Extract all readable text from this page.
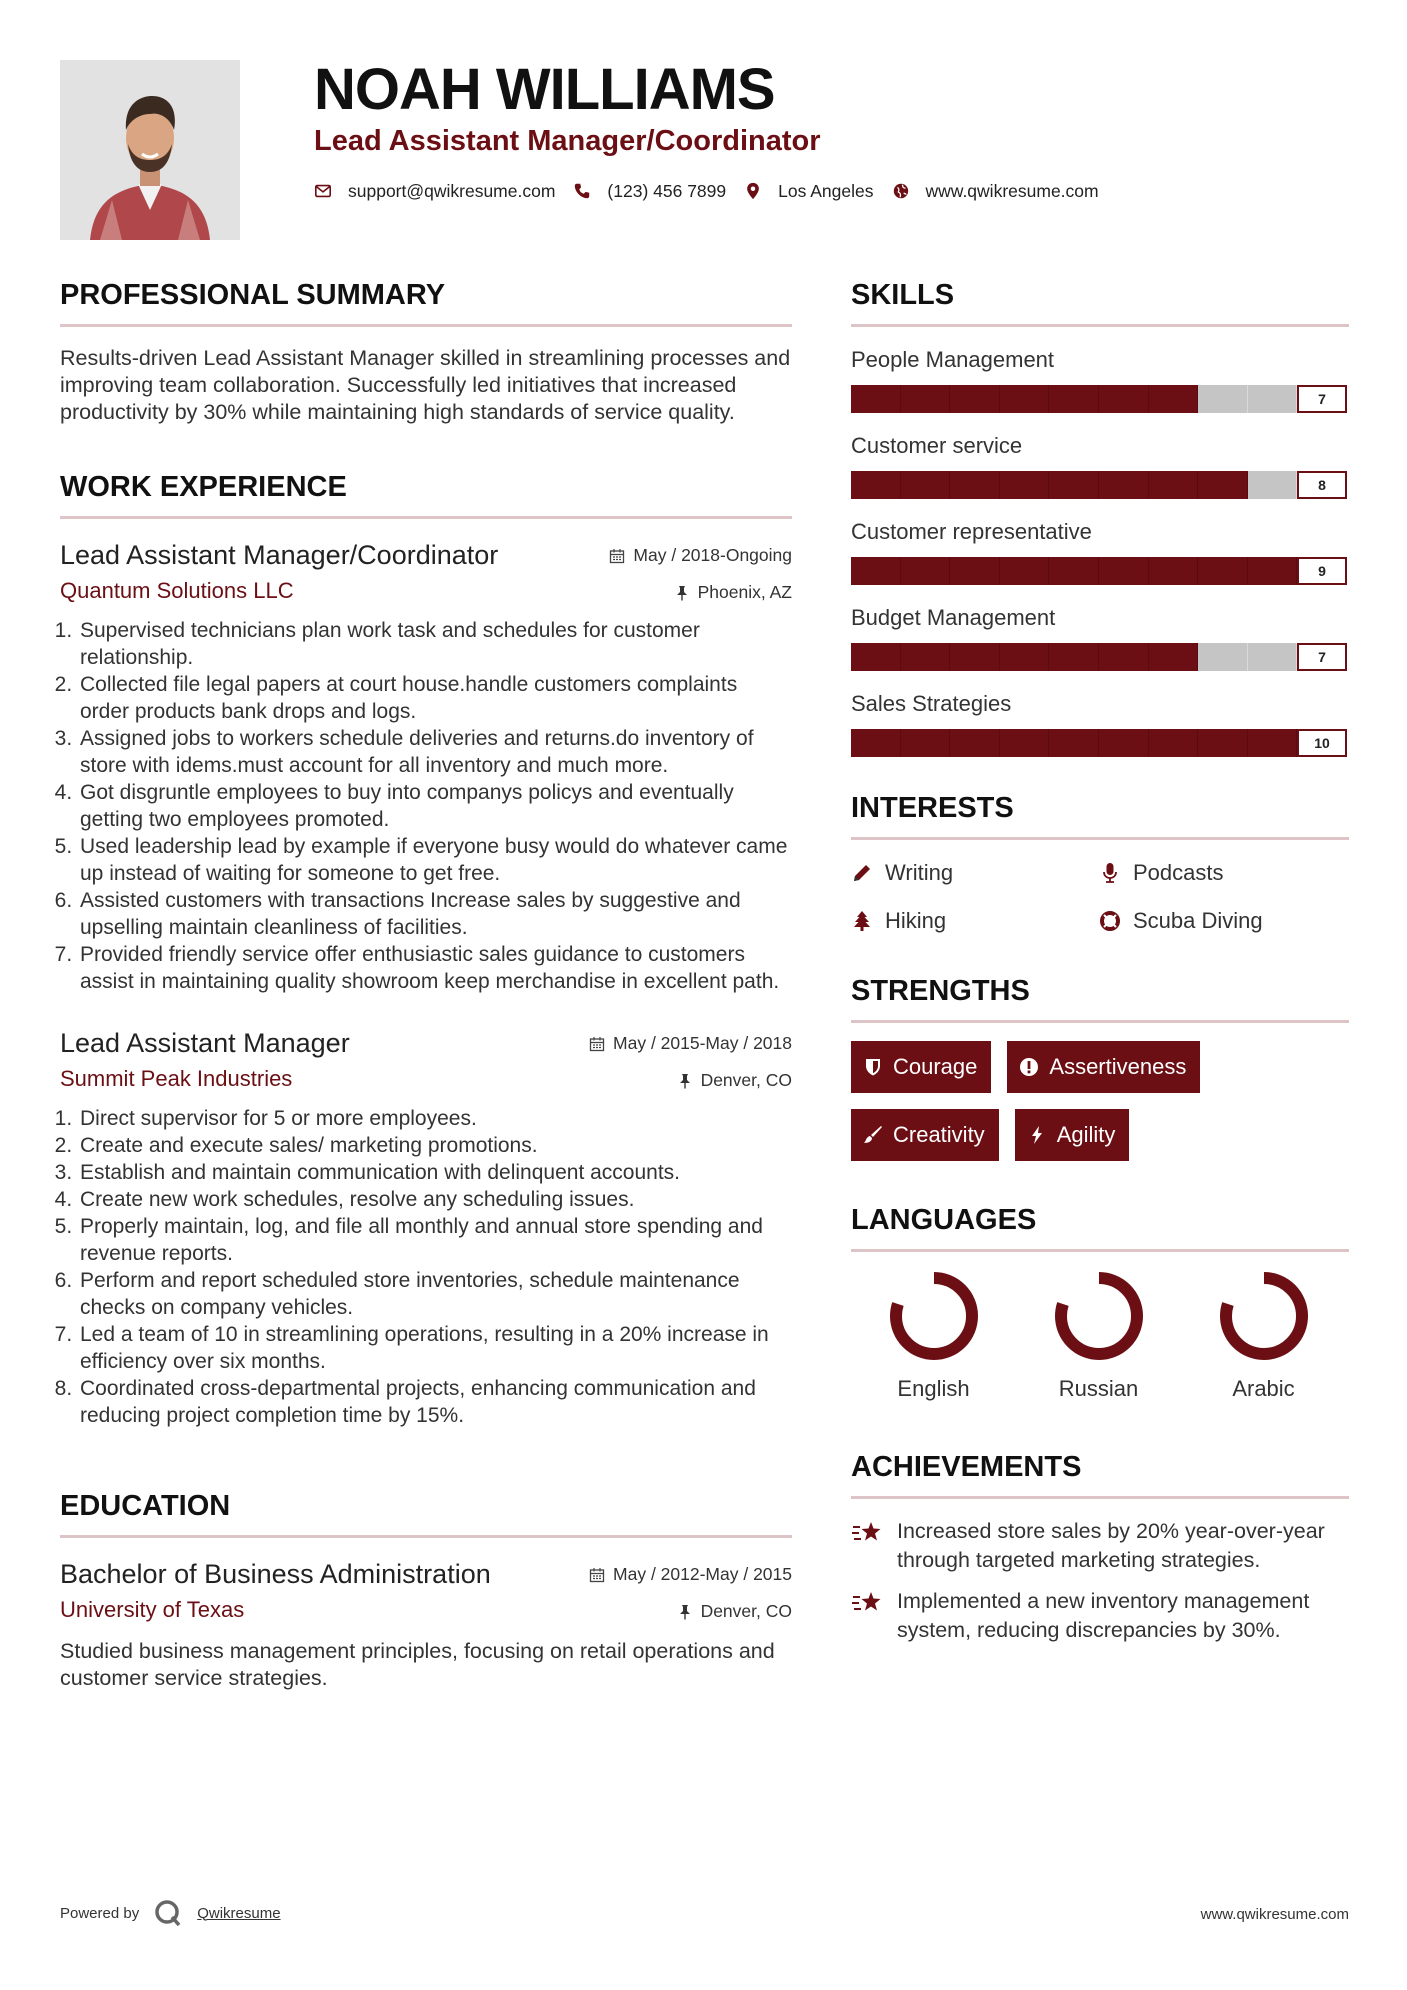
NOAH WILLIAMS
Lead Assistant Manager/Coordinator
support@qwikresume.com	(123) 456 7899	Los Angeles	www.qwikresume.com
PROFESSIONAL SUMMARY

Results-driven Lead Assistant Manager skilled in streamlining processes and improving team collaboration. Successfully led initiatives that increased productivity by 30% while maintaining high standards of service quality.

WORK EXPERIENCE

Lead Assistant Manager/Coordinator	May / 2018-Ongoing

Quantum Solutions LLC	Phoenix, AZ
1. Supervised technicians plan work task and schedules for customer relationship.
2. Collected file legal papers at court house.handle customers complaints order products bank drops and logs.
3. Assigned jobs to workers schedule deliveries and returns.do inventory of store with idems.must account for all inventory and much more.
4. Got disgruntle employees to buy into companys policys and eventually getting two employees promoted.
5. Used leadership lead by example if everyone busy would do whatever came up instead of waiting for someone to get free.
6. Assisted customers with transactions Increase sales by suggestive and upselling maintain cleanliness of facilities.
7. Provided friendly service offer enthusiastic sales guidance to customers assist in maintaining quality showroom keep merchandise in excellent path.

Lead Assistant Manager	May / 2015-May / 2018

Summit Peak Industries	Denver, CO
1. Direct supervisor for 5 or more employees.
2. Create and execute sales/ marketing promotions.
3. Establish and maintain communication with delinquent accounts.
4. Create new work schedules, resolve any scheduling issues.
5. Properly maintain, log, and file all monthly and annual store spending and revenue reports.
6. Perform and report scheduled store inventories, schedule maintenance checks on company vehicles.
7. Led a team of 10 in streamlining operations, resulting in a 20% increase in efficiency over six months.
8. Coordinated cross-departmental projects, enhancing communication and reducing project completion time by 15%.
EDUCATION

Bachelor of Business Administration	May / 2012-May / 2015

University of Texas	Denver, CO

Studied business management principles, focusing on retail operations and customer service strategies.

SKILLS

People Management

7

Customer service

8

Customer representative

9

Budget Management

7

Sales Strategies

10
INTERESTS
Writing	Podcasts
Hiking	Scuba Diving
STRENGTHS
Courage	Assertiveness
Creativity	Agility
LANGUAGES
English	Russian	Arabic
ACHIEVEMENTS
Increased store sales by 20% year-over-year through targeted marketing strategies.
Implemented a new inventory management system, reducing discrepancies by 30%.
Powered by	Qwikresume	www.qwikresume.com
